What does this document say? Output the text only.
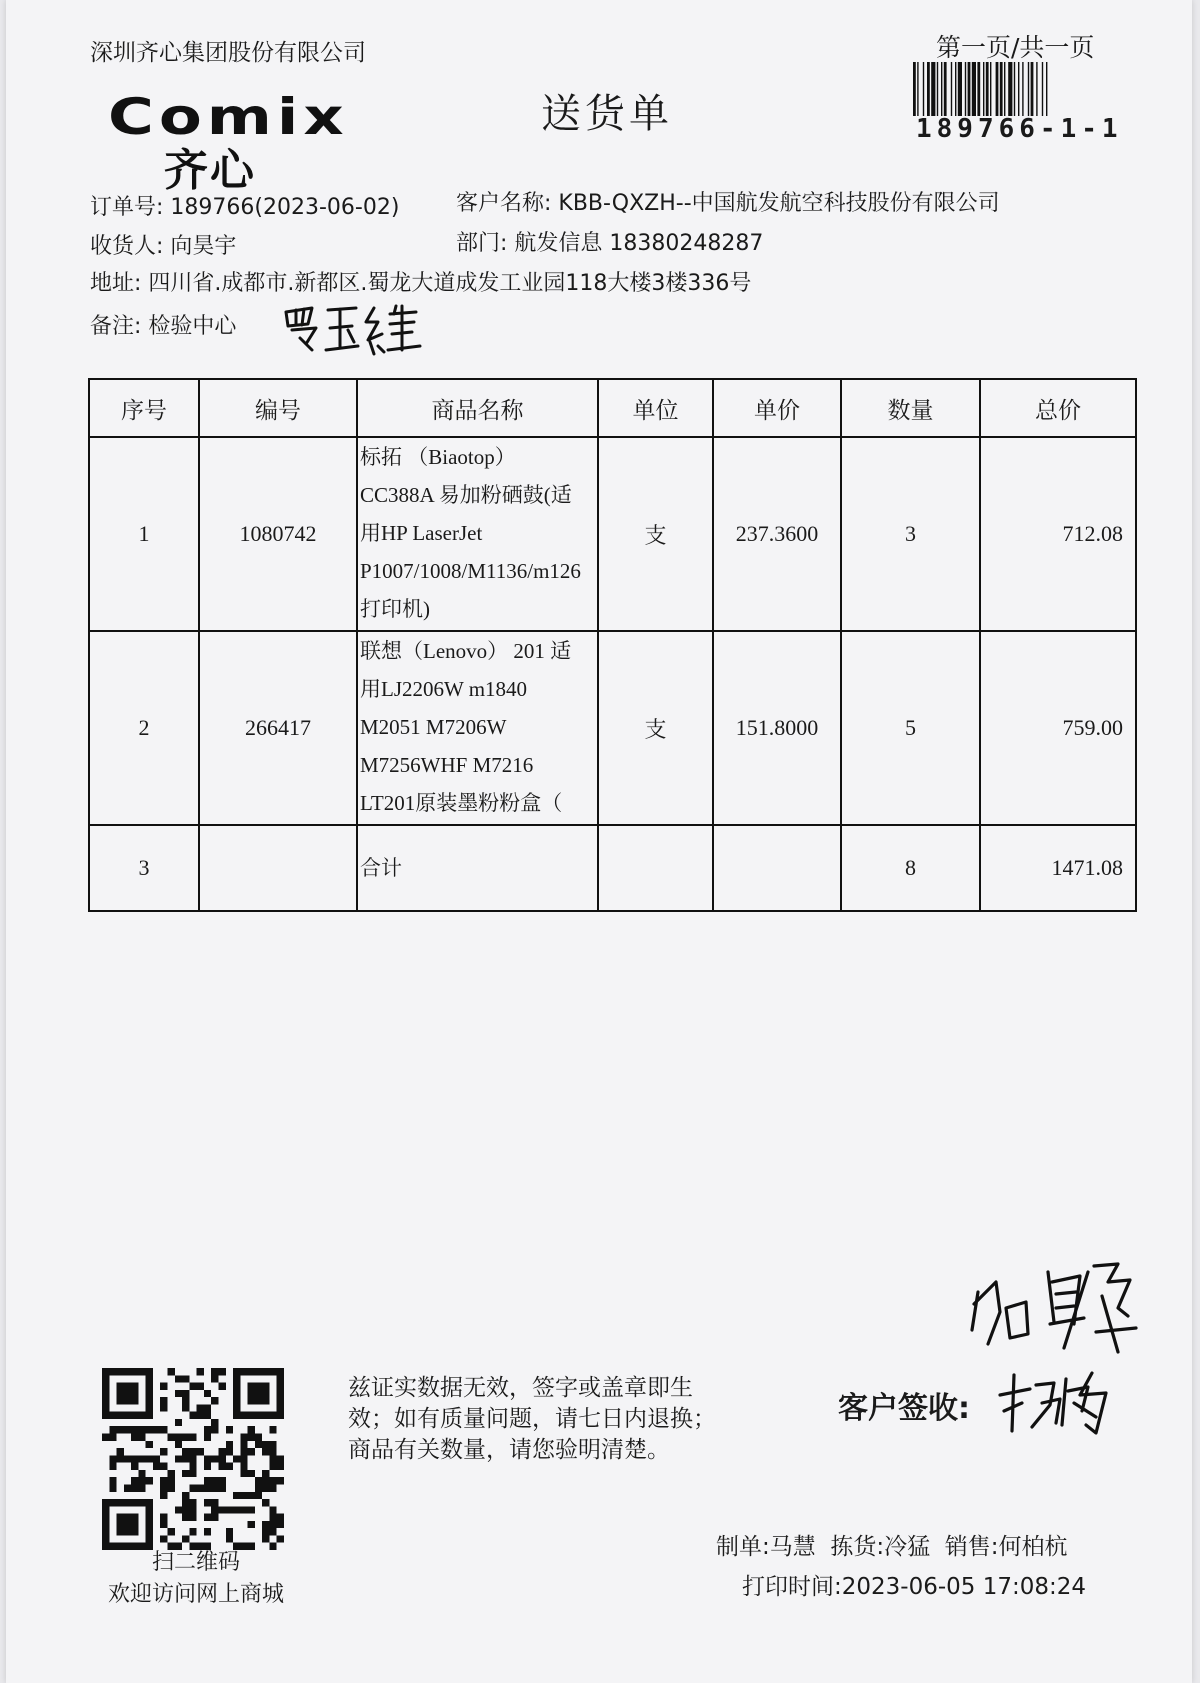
深圳齐心集团股份有限公司
Comix
齐心
送货单
第一页/共一页
189766-1-1
订单号: 189766(2023-06-02)	客户名称: KBB-QXZH--中国航发航空科技股份有限公司
收货人: 向昊宇	部门: 航发信息 18380248287
地址: 四川省.成都市.新都区.蜀龙大道成发工业园118大楼3楼336号
备注: 检验中心
序号	编号	商品名称	单位	单价	数量	总价
1	1080742	标拓 （Biaotop）
CC388A 易加粉硒鼓(适
用HP LaserJet
P1007/1008/M1136/m126
打印机)	支	237.3600	3	712.08
2	266417	联想（Lenovo） 201 适
用LJ2206W m1840
M2051 M7206W
M7256WHF M7216
LT201原装墨粉粉盒（	支	151.8000	5	759.00
3		合计			8	1471.08
扫二维码
欢迎访问网上商城
兹证实数据无效，签字或盖章即生
效；如有质量问题，请七日内退换；
商品有关数量，请您验明清楚。
客户签收:
制单:马慧  拣货:冷猛  销售:何柏杭
打印时间:2023-06-05 17:08:24
